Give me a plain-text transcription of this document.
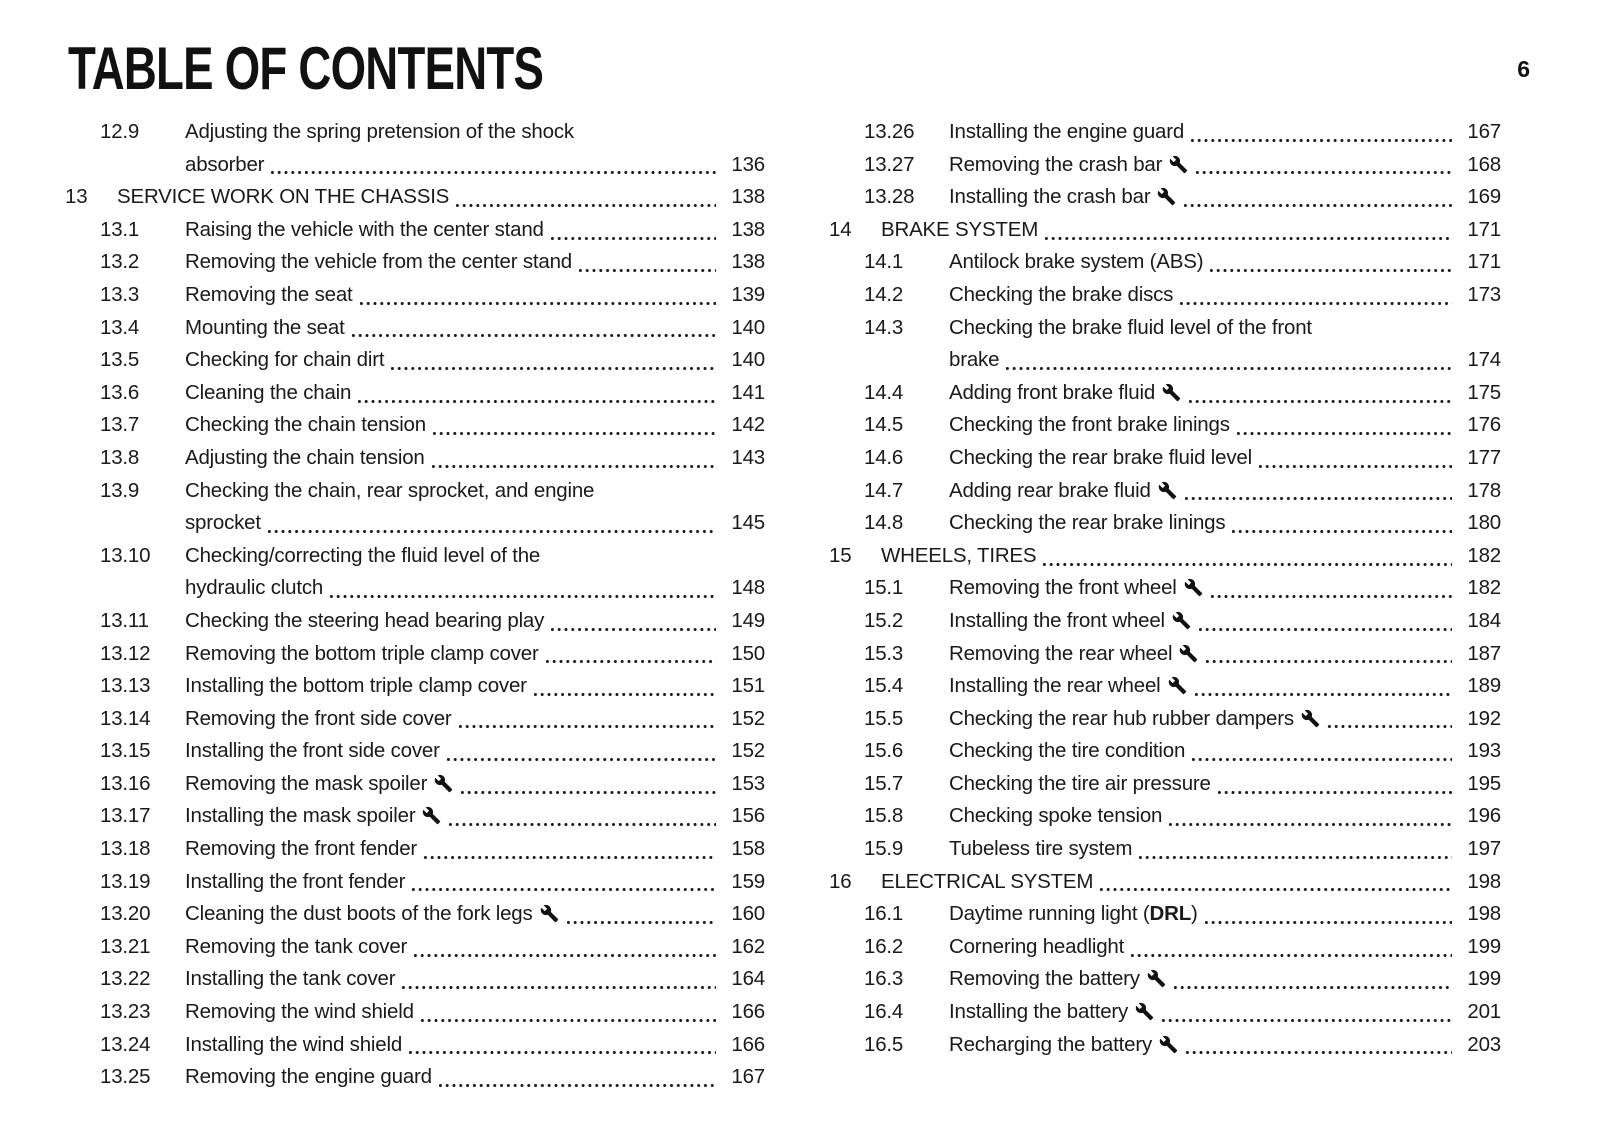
TABLE OF CONTENTS	6
12.9	Adjusting the spring pretension of the shock
absorber	136
13	SERVICE WORK ON THE CHASSIS	138
13.1	Raising the vehicle with the center stand	138
13.2	Removing the vehicle from the center stand	138
13.3	Removing the seat	139
13.4	Mounting the seat	140
13.5	Checking for chain dirt	140
13.6	Cleaning the chain	141
13.7	Checking the chain tension	142
13.8	Adjusting the chain tension	143
13.9	Checking the chain, rear sprocket, and engine
sprocket	145
13.10	Checking/correcting the fluid level of the
hydraulic clutch	148
13.11	Checking the steering head bearing play	149
13.12	Removing the bottom triple clamp cover	150
13.13	Installing the bottom triple clamp cover	151
13.14	Removing the front side cover	152
13.15	Installing the front side cover	152
13.16	Removing the mask spoiler	153
13.17	Installing the mask spoiler	156
13.18	Removing the front fender	158
13.19	Installing the front fender	159
13.20	Cleaning the dust boots of the fork legs	160
13.21	Removing the tank cover	162
13.22	Installing the tank cover	164
13.23	Removing the wind shield	166
13.24	Installing the wind shield	166
13.25	Removing the engine guard	167
13.26	Installing the engine guard	167
13.27	Removing the crash bar	168
13.28	Installing the crash bar	169
14	BRAKE SYSTEM	171
14.1	Antilock brake system (ABS)	171
14.2	Checking the brake discs	173
14.3	Checking the brake fluid level of the front
brake	174
14.4	Adding front brake fluid	175
14.5	Checking the front brake linings	176
14.6	Checking the rear brake fluid level	177
14.7	Adding rear brake fluid	178
14.8	Checking the rear brake linings	180
15	WHEELS, TIRES	182
15.1	Removing the front wheel	182
15.2	Installing the front wheel	184
15.3	Removing the rear wheel	187
15.4	Installing the rear wheel	189
15.5	Checking the rear hub rubber dampers	192
15.6	Checking the tire condition	193
15.7	Checking the tire air pressure	195
15.8	Checking spoke tension	196
15.9	Tubeless tire system	197
16	ELECTRICAL SYSTEM	198
16.1	Daytime running light (DRL)	198
16.2	Cornering headlight	199
16.3	Removing the battery	199
16.4	Installing the battery	201
16.5	Recharging the battery	203
